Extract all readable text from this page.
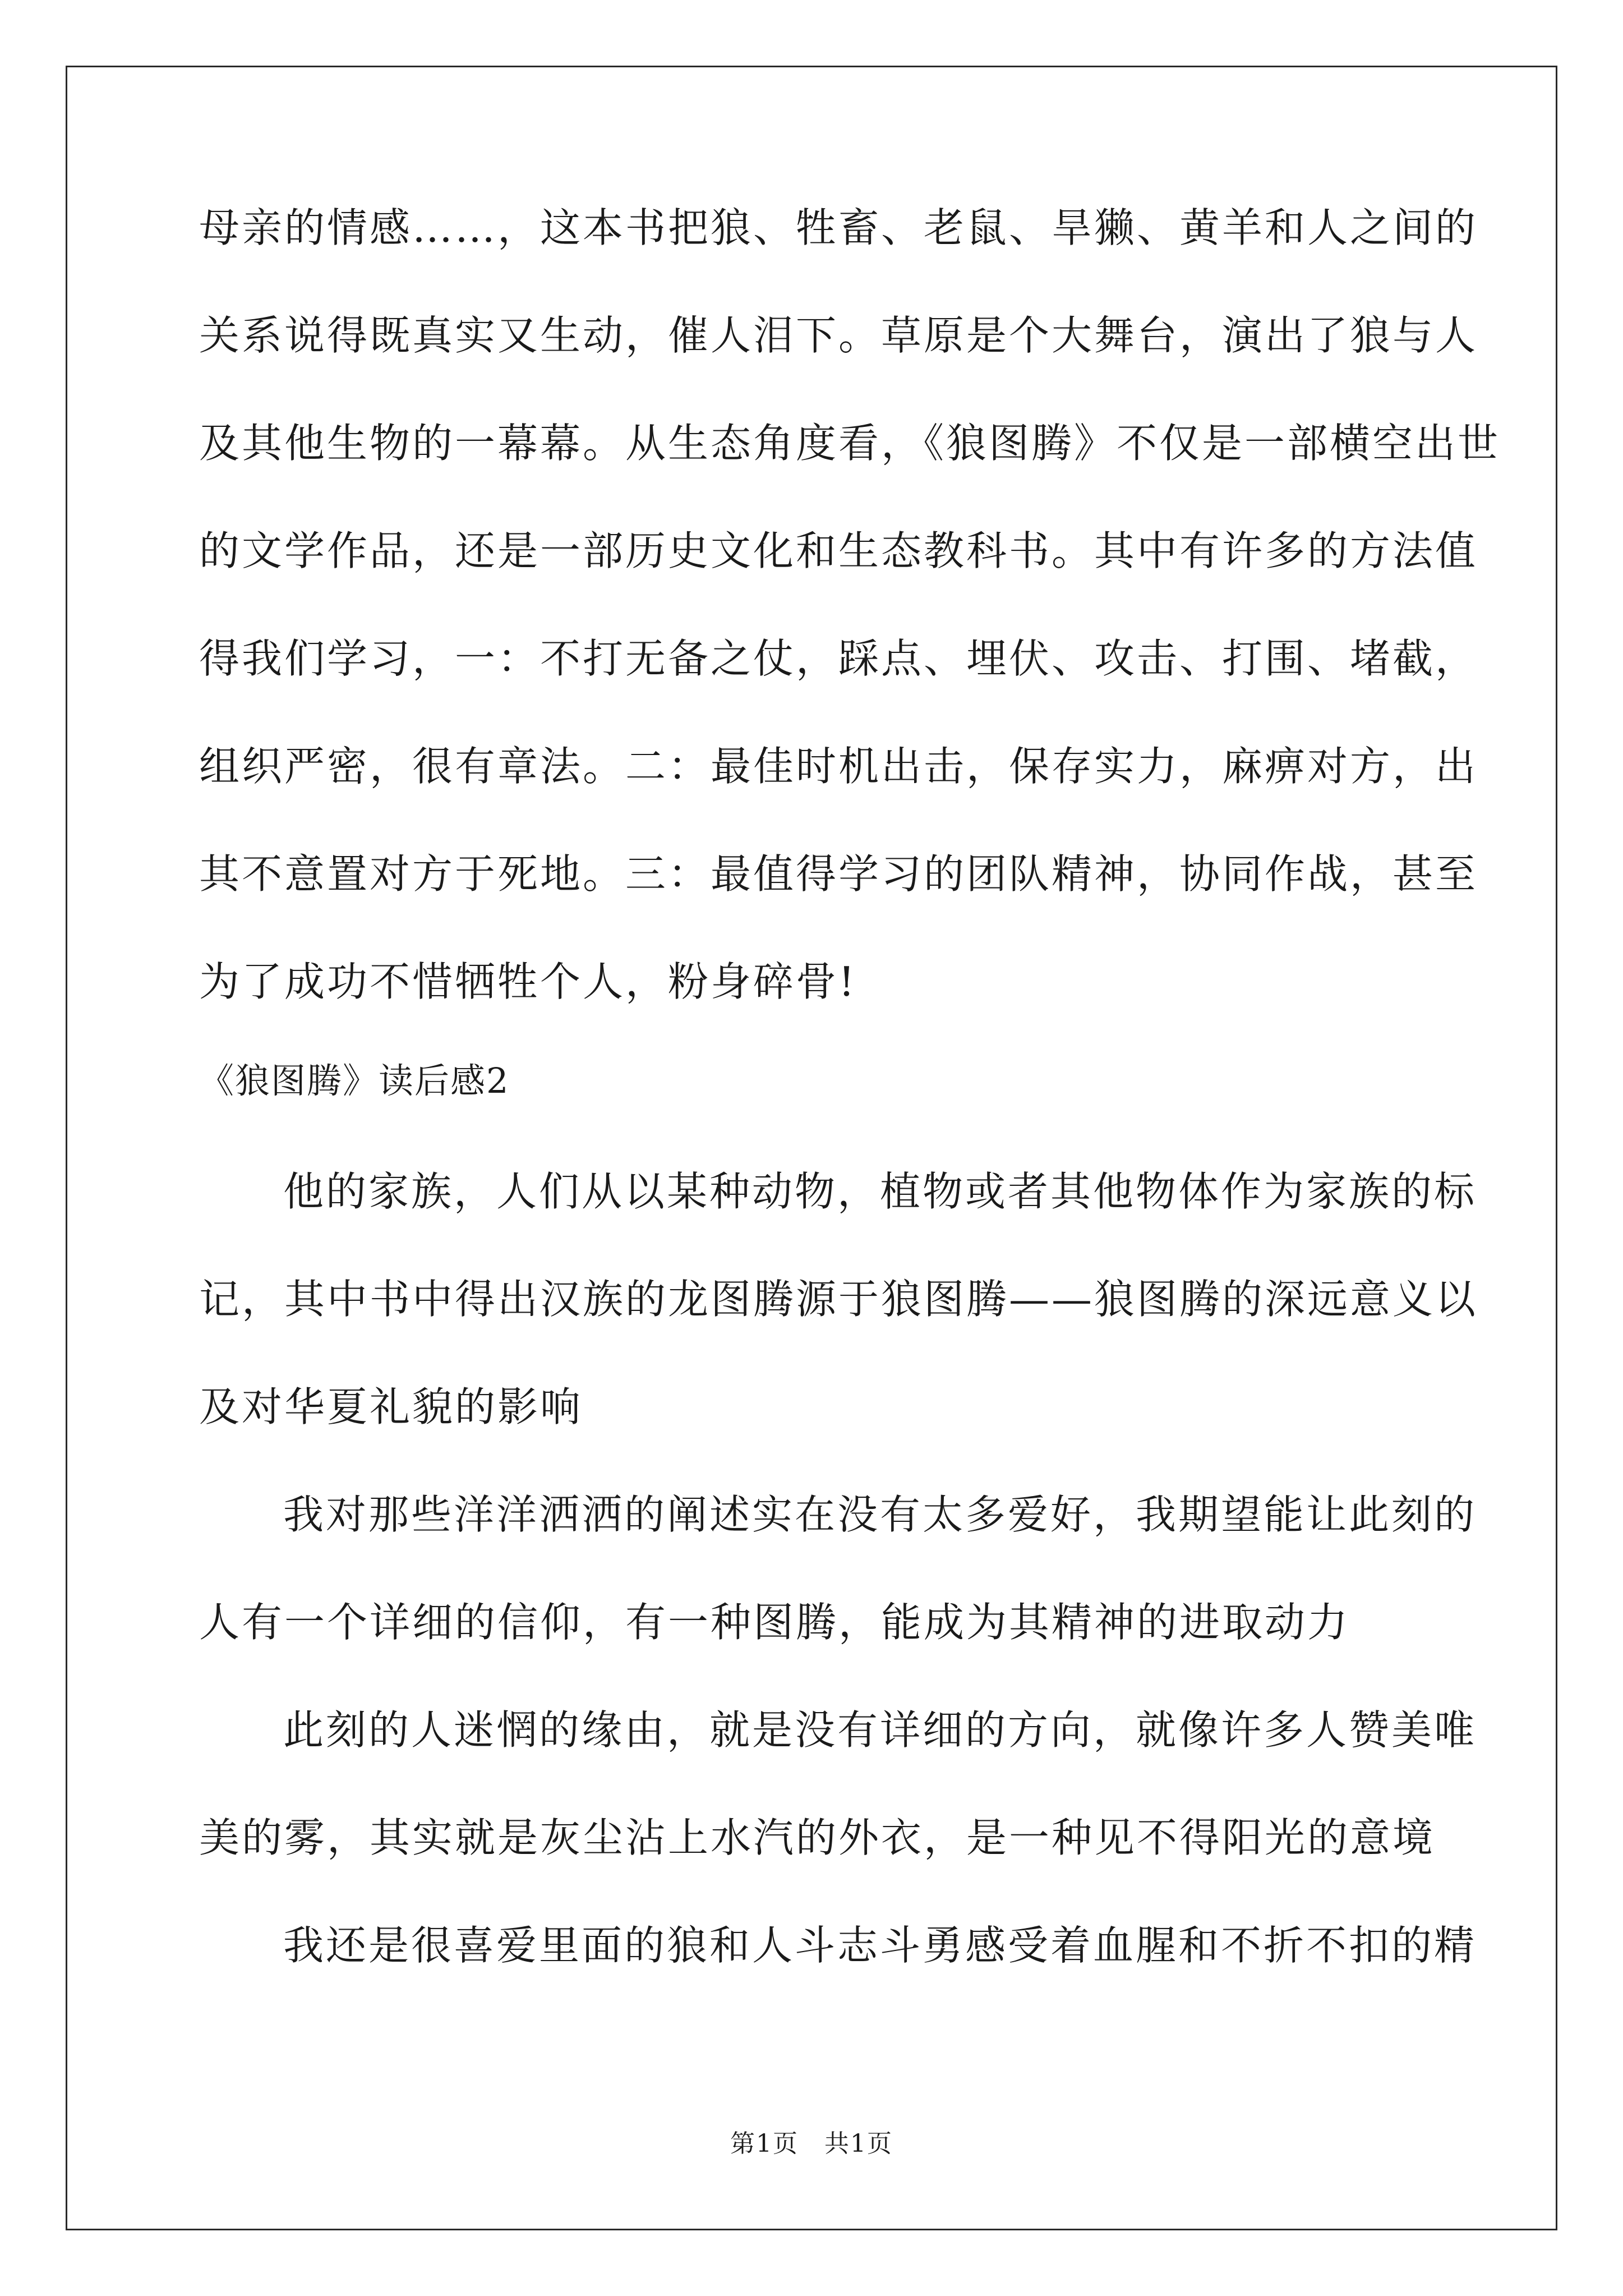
母亲的情感……，这本书把狼、牲畜、老鼠、旱獭、黄羊和人之间的
关系说得既真实又生动，催人泪下。草原是个大舞台，演出了狼与人
及其他生物的一幕幕。从生态角度看，《狼图腾》不仅是一部横空出世
的文学作品，还是一部历史文化和生态教科书。其中有许多的方法值
得我们学习，一：不打无备之仗，踩点、埋伏、攻击、打围、堵截，
组织严密，很有章法。二：最佳时机出击，保存实力，麻痹对方，出
其不意置对方于死地。三：最值得学习的团队精神，协同作战，甚至
为了成功不惜牺牲个人，粉身碎骨!
《狼图腾》读后感2
他的家族，人们从以某种动物，植物或者其他物体作为家族的标
记，其中书中得出汉族的龙图腾源于狼图腾——狼图腾的深远意义以
及对华夏礼貌的影响
我对那些洋洋洒洒的阐述实在没有太多爱好，我期望能让此刻的
人有一个详细的信仰，有一种图腾，能成为其精神的进取动力
此刻的人迷惘的缘由，就是没有详细的方向，就像许多人赞美唯
美的雾，其实就是灰尘沾上水汽的外衣，是一种见不得阳光的意境
我还是很喜爱里面的狼和人斗志斗勇感受着血腥和不折不扣的精
第1页　共1页
